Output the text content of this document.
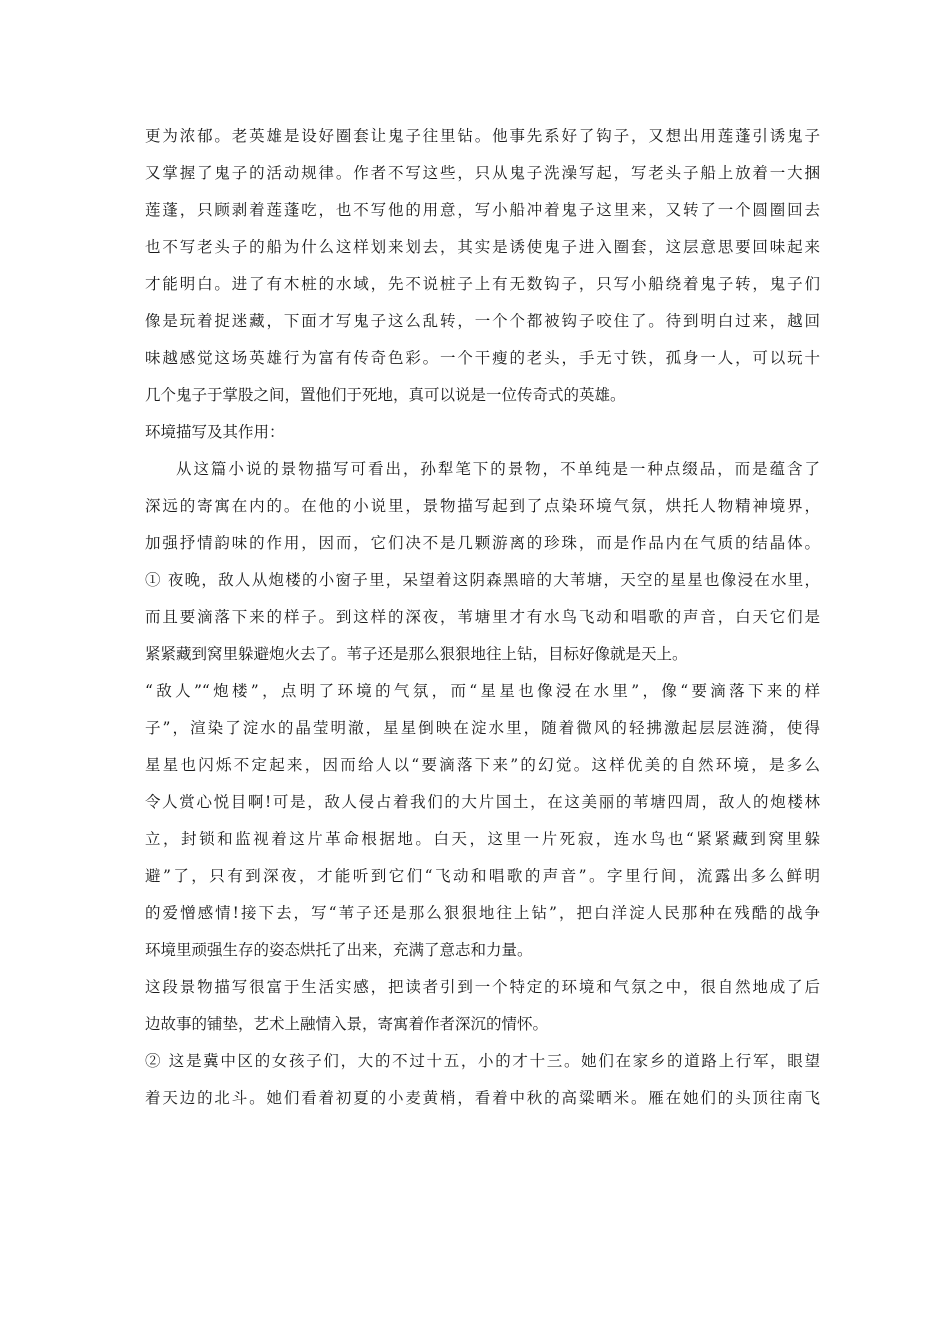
更为浓郁。老英雄是设好圈套让鬼子往里钻。他事先系好了钩子，又想出用莲蓬引诱鬼子
又掌握了鬼子的活动规律。作者不写这些，只从鬼子洗澡写起，写老头子船上放着一大捆
莲蓬，只顾剥着莲蓬吃，也不写他的用意，写小船冲着鬼子这里来，又转了一个圆圈回去
也不写老头子的船为什么这样划来划去，其实是诱使鬼子进入圈套，这层意思要回味起来
才能明白。进了有木桩的水域，先不说桩子上有无数钩子，只写小船绕着鬼子转，鬼子们
像是玩着捉迷藏，下面才写鬼子这么乱转，一个个都被钩子咬住了。待到明白过来，越回
味越感觉这场英雄行为富有传奇色彩。一个干瘦的老头，手无寸铁，孤身一人，可以玩十
几个鬼子于掌股之间，置他们于死地，真可以说是一位传奇式的英雄。
环境描写及其作用：
从这篇小说的景物描写可看出，孙犁笔下的景物，不单纯是一种点缀品，而是蕴含了
深远的寄寓在内的。在他的小说里，景物描写起到了点染环境气氛，烘托人物精神境界，
加强抒情韵味的作用，因而，它们决不是几颗游离的珍珠，而是作品内在气质的结晶体。
① 夜晚，敌人从炮楼的小窗子里，呆望着这阴森黑暗的大苇塘，天空的星星也像浸在水里，
而且要滴落下来的样子。到这样的深夜，苇塘里才有水鸟飞动和唱歌的声音，白天它们是
紧紧藏到窝里躲避炮火去了。苇子还是那么狠狠地往上钻，目标好像就是天上。
“敌人”“炮楼”，点明了环境的气氛，而“星星也像浸在水里”，像“要滴落下来的样
子”，渲染了淀水的晶莹明澈，星星倒映在淀水里，随着微风的轻拂激起层层涟漪，使得
星星也闪烁不定起来，因而给人以“要滴落下来”的幻觉。这样优美的自然环境，是多么
令人赏心悦目啊!可是，敌人侵占着我们的大片国土，在这美丽的苇塘四周，敌人的炮楼林
立，封锁和监视着这片革命根据地。白天，这里一片死寂，连水鸟也“紧紧藏到窝里躲
避”了，只有到深夜，才能听到它们“飞动和唱歌的声音”。字里行间，流露出多么鲜明
的爱憎感情!接下去，写“苇子还是那么狠狠地往上钻”，把白洋淀人民那种在残酷的战争
环境里顽强生存的姿态烘托了出来，充满了意志和力量。
这段景物描写很富于生活实感，把读者引到一个特定的环境和气氛之中，很自然地成了后
边故事的铺垫，艺术上融情入景，寄寓着作者深沉的情怀。
② 这是冀中区的女孩子们，大的不过十五，小的才十三。她们在家乡的道路上行军，眼望
着天边的北斗。她们看着初夏的小麦黄梢，看着中秋的高粱晒米。雁在她们的头顶往南飞
